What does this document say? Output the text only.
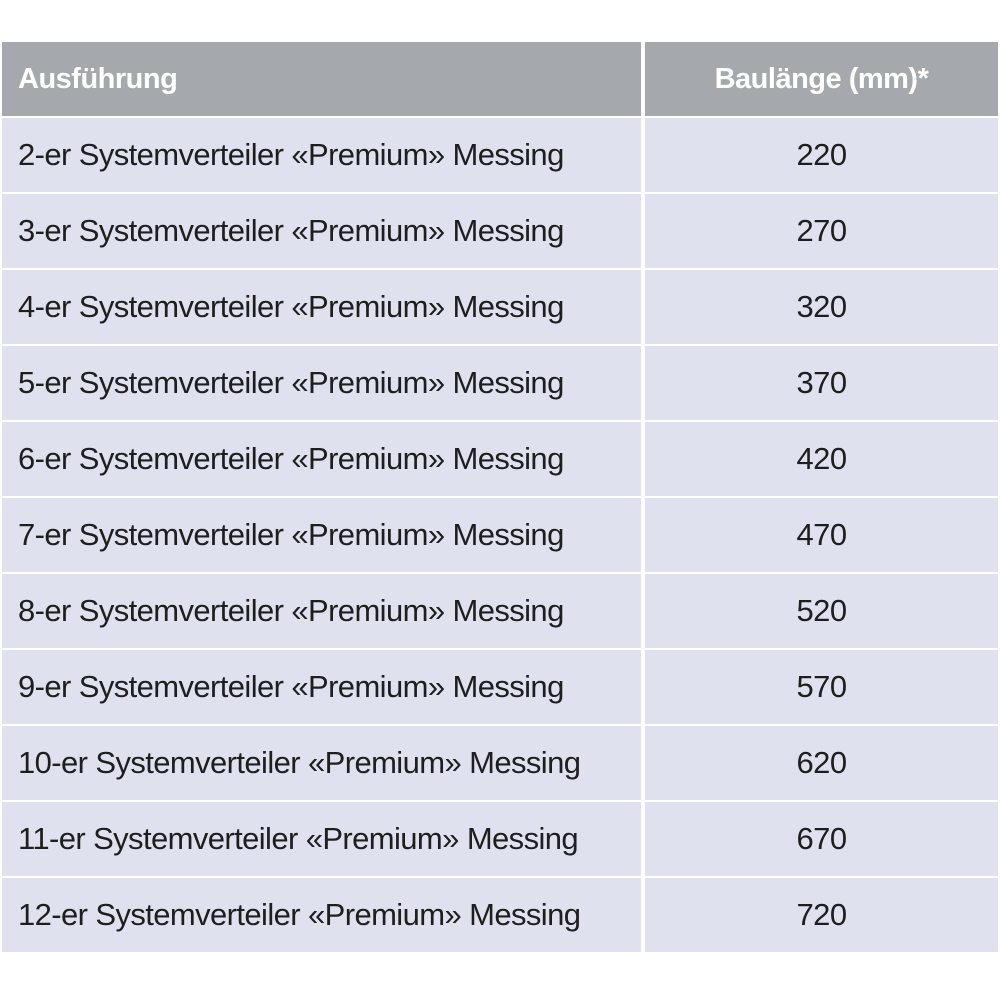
Ausführung	Baulänge (mm)*
2-er Systemverteiler «Premium» Messing	220
3-er Systemverteiler «Premium» Messing	270
4-er Systemverteiler «Premium» Messing	320
5-er Systemverteiler «Premium» Messing	370
6-er Systemverteiler «Premium» Messing	420
7-er Systemverteiler «Premium» Messing	470
8-er Systemverteiler «Premium» Messing	520
9-er Systemverteiler «Premium» Messing	570
10-er Systemverteiler «Premium» Messing	620
11-er Systemverteiler «Premium» Messing	670
12-er Systemverteiler «Premium» Messing	720
